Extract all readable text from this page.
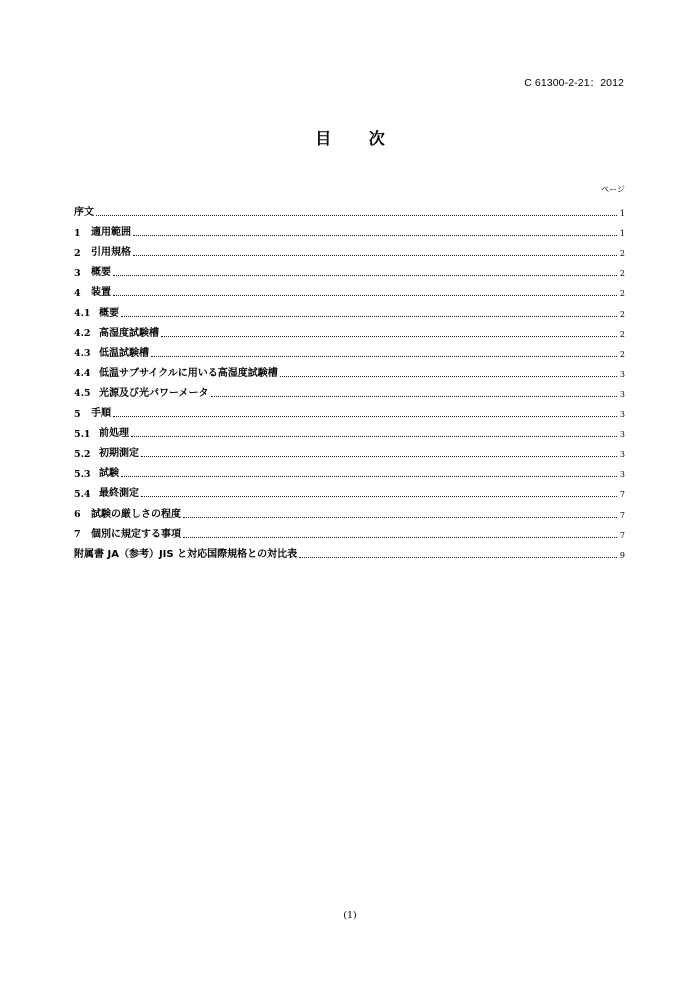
C 61300-2-21：2012
目 次
ページ
序文	1
1	適用範囲	1
2	引用規格	2
3	概要	2
4	装置	2
4.1 概要	2
4.2 高湿度試験槽	2
4.3 低温試験槽	2
4.4 低温サブサイクルに用いる高湿度試験槽	3
4.5 光源及び光パワーメータ	3
5	手順	3
5.1 前処理	3
5.2 初期測定	3
5.3 試験	3
5.4 最終測定	7
6	試験の厳しさの程度	7
7	個別に規定する事項	7
附属書 JA（参考）JIS と対応国際規格との対比表	9
(1)
